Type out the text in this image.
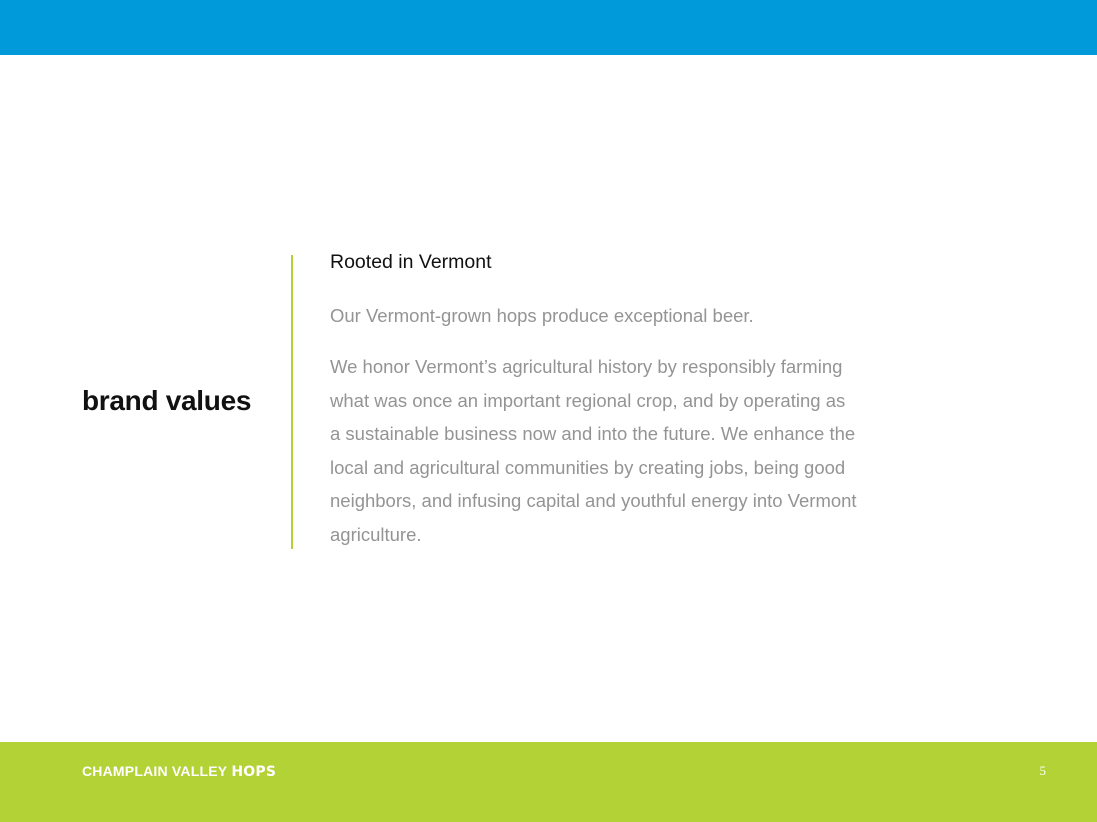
brand values
Rooted in Vermont

Our Vermont-grown hops produce exceptional beer.

We honor Vermont’s agricultural history by responsibly farming
what was once an important regional crop, and by operating as
a sustainable business now and into the future. We enhance the
local and agricultural communities by creating jobs, being good
neighbors, and infusing capital and youthful energy into Vermont
agriculture.

CHAMPLAIN VALLEY HOPS	5
